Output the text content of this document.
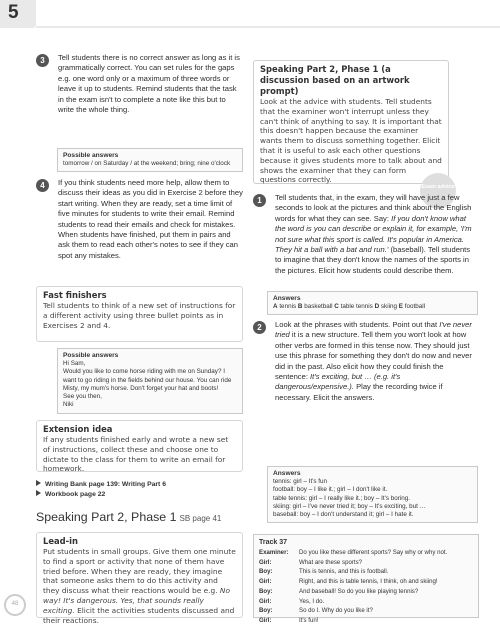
5
3	Tell students there is no correct answer as long as it is grammatically correct. You can set rules for the gaps e.g. one word only or a maximum of three words or leave it up to students. Remind students that the task in the exam isn't to complete a note like this but to write the whole thing.
Possible answers
tomorrow / on Saturday / at the weekend; bring; nine o'clock
4	If you think students need more help, allow them to discuss their ideas as you did in Exercise 2 before they start writing. When they are ready, set a time limit of five minutes for students to write their email. Remind students to read their emails and check for mistakes. When students have finished, put them in pairs and ask them to read each other's notes to see if they can spot any mistakes.
Fast finishers
Tell students to think of a new set of instructions for a different activity using three bullet points as in Exercises 2 and 4.
Possible answers
Hi Sam,
Would you like to come horse riding with me on Sunday? I want to go riding in the fields behind our house. You can ride Misty, my mum's horse. Don't forget your hat and boots!
See you then,
Niki
Extension idea
If any students finished early and wrote a new set of instructions, collect these and choose one to dictate to the class for them to write an email for homework.
Writing Bank page 139: Writing Part 6
Workbook page 22
Speaking Part 2, Phase 1 SB page 41
Lead-in
Put students in small groups. Give them one minute to find a sport or activity that none of them have tried before. When they are ready, they imagine that someone asks them to do this activity and they discuss what their reactions would be e.g. No way! It's dangerous. Yes, that sounds really exciting. Elicit the activities students discussed and their reactions.
Speaking Part 2, Phase 1 (a discussion based on an artwork prompt)
Look at the advice with students. Tell students that the examiner won't interrupt unless they can't think of anything to say. It is important that this doesn't happen because the examiner wants them to discuss something together. Elicit that it is useful to ask each other questions because it gives students more to talk about and shows the examiner that they can form questions correctly.
Exam advice
1	Tell students that, in the exam, they will have just a few seconds to look at the pictures and think about the English words for what they can see. Say: If you don't know what the word is you can describe or explain it, for example, 'I'm not sure what this sport is called. It's popular in America. They hit a ball with a bat and run.' (baseball). Tell students to imagine that they don't know the names of the sports in the pictures. Elicit how students could describe them.
Answers
A tennis B basketball C table tennis D skiing E football
2	Look at the phrases with students. Point out that I've never tried it is a new structure. Tell them you won't look at how other verbs are formed in this tense now. They should just use this phrase for something they don't do now and never did in the past. Also elicit how they could finish the sentence: It's exciting, but … (e.g. it's dangerous/expensive.). Play the recording twice if necessary. Elicit the answers.
Answers
tennis: girl – It's fun
football: boy – I like it.; girl – I don't like it.
table tennis: girl – I really like it.; boy – It's boring.
skiing: girl – I've never tried it; boy – It's exciting, but …
baseball: boy – I don't understand it; girl – I hate it.
Track 37
Examiner:	Do you like these different sports? Say why or why not.
Girl:	What are these sports?
Boy:	This is tennis, and this is football.
Girl:	Right, and this is table tennis, I think, oh and skiing!
Boy:	And baseball! So do you like playing tennis?
Girl:	Yes, I do.
Boy:	So do I. Why do you like it?
Girl:	It's fun!
48
